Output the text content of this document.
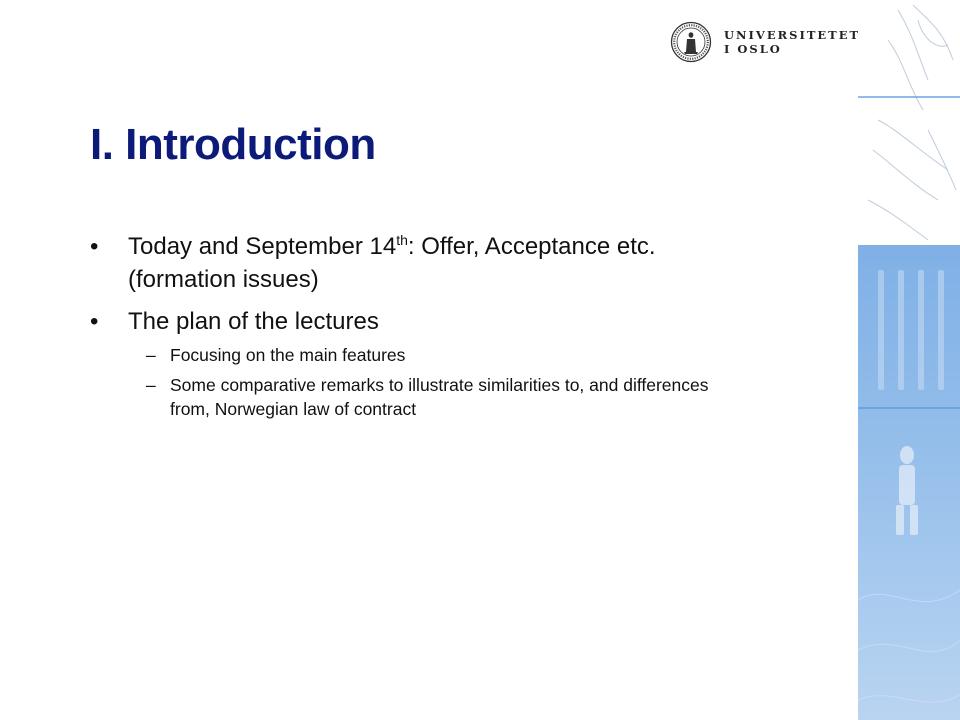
UNIVERSITETET
I OSLO
I. Introduction
• Today and September 14th: Offer, Acceptance etc. (formation issues)
• The plan of the lectures
– Focusing on the main features
– Some comparative remarks to illustrate similarities to, and differences from, Norwegian law of contract
